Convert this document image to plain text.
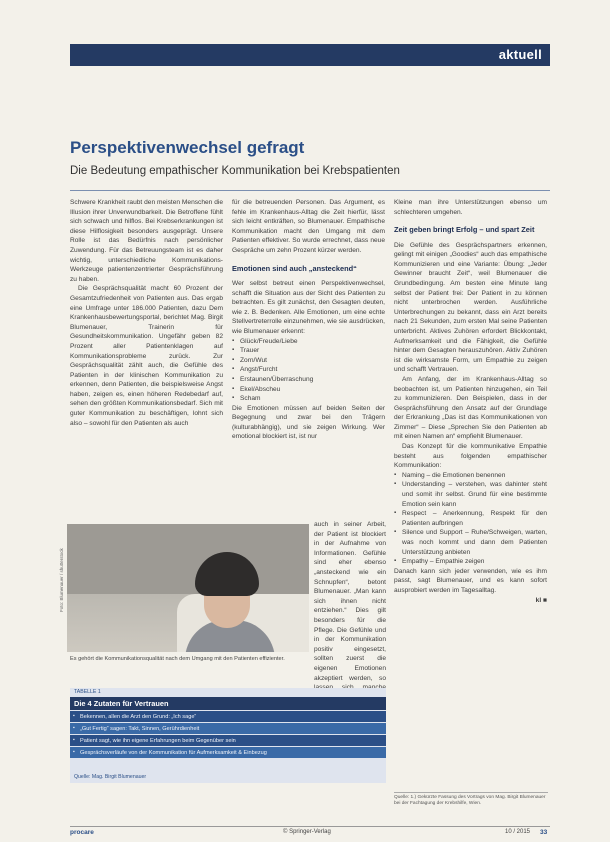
aktuell
Perspektivenwechsel gefragt
Die Bedeutung empathischer Kommunikation bei Krebspatienten

Schwere Krankheit raubt den meisten Menschen die Illusion ihrer Unverwundbarkeit. Die Betroffene fühlt sich schwach und hilflos. Bei Krebserkrankungen ist diese Hilflosigkeit besonders ausgeprägt. Unsere Rolle ist das Bedürfnis nach persönlicher Zuwendung. Für das Betreuungsteam ist es daher wichtig, unterschiedliche Kommunikations-Werkzeuge patientenzentrierter Gesprächsführung zu haben.

Die Gesprächsqualität macht 60 Prozent der Gesamtzufriedenheit von Patienten aus. Das ergab eine Umfrage unter 186.000 Patienten, dazu Dem Krankenhausbewertungsportal, berichtet Mag. Birgit Blumenauer, Trainerin für Gesundheitskommunikation. Ungefähr geben 82 Prozent aller Patientenklagen auf Kommunikationsprobleme zurück. Zur Gesprächsqualität zählt auch, die Gefühle des Patienten in der klinischen Kommunikation zu erkennen, denn Patienten, die beispielsweise Angst haben, zeigen es, einen höheren Redebedarf auf, sehen den größten Kommunikationsbedarf. Sich mit guter Kommunikation zu beschäftigen, lohnt sich also – sowohl für den Patienten als auch

für die betreuenden Personen. Das Argument, es fehle im Krankenhaus-Alltag die Zeit hierfür, lässt sich leicht entkräften, so Blumenauer. Empathische Kommunikation macht den Umgang mit dem Patienten effektiver. So wurde errechnet, dass neue Gespräche um zehn Prozent kürzer werden.

Emotionen sind auch „ansteckend“

Wer selbst betreut einen Perspektivenwechsel, schafft die Situation aus der Sicht des Patienten zu betrachten. Es gilt zunächst, den Gesagten deuten, wie z. B. Bedenken. Alle Emotionen, um eine echte Stellvertreterrolle einzunehmen, wie sie ausdrücken, wie Blumenauer erkennt:

▪ Glück/Freude/Liebe
▪ Trauer
▪ Zorn/Wut
▪ Angst/Furcht
▪ Erstaunen/Überraschung
▪ Ekel/Abscheu
▪ Scham

Die Emotionen müssen auf beiden Seiten der Begegnung und zwar bei den Trägern (kulturabhängig), und sie zeigen Wirkung. Wer emotional blockiert ist, ist nur

auch in seiner Arbeit, der Patient ist blockiert in der Aufnahme von Informationen. Gefühle sind eher ebenso „ansteckend wie ein Schnupfen“, betont Blumenauer. „Man kann sich ihnen nicht entziehen.“ Dies gilt besonders für die Pflege. Die Gefühle und in der Kommunikation positiv eingesetzt, sollten zuerst die eigenen Emotionen akzeptiert werden, so

Kleine man ihre Unterstützungen ebenso um schlechteren umgehen.

Zeit geben bringt Erfolg – und spart Zeit

Die Gefühle des Gesprächspartners erkennen, gelingt mit einigen „Goodies“ auch das empathische Kommunizieren und eine Variante: Übung: „Jeder Gewinner braucht Zeit“, weil Blumenauer die Grundbedingung. Am besten eine Minute lang selbst der Patient frei: Der Patient in zu können nicht unterbrochen werden. Ausführliche Unterbrechungen zu bekannt, dass ein Arzt bereits nach 21 Sekunden, zum ersten Mal seine Patienten unterbricht. Aktives Zuhören erfordert Blickkontakt, Aufmerksamkeit und die Fähigkeit, die Gefühle hinter dem Gesagten herauszuhören. Aktiv Zuhören ist die wirksamste Form, um Empathie zu zeigen und schafft Vertrauen.

Am Anfang, der im Krankenhaus-Alltag so beobachten ist, um Patienten hinzugehen, ein Teil zu kommunizieren. Den Beispielen, dass in der Gesprächsführung den Ansatz auf der Grundlage der Erkrankung „Das ist das Kommunikationen von Zimmer“ – Diese „Sprechen Sie den Patienten ab mit einen Namen an“ empfiehlt Blumenauer.

Das Konzept für die kommunikative Empathie besteht aus folgenden empathischer Kommunikation:

▪ Naming – die Emotionen benennen
▪ Understanding – verstehen, was dahinter steht und somit ihr selbst. Grund für eine bestimmte Emotion sein kann
▪ Respect – Anerkennung, Respekt für den Patienten aufbringen
▪ Silence und Support – Ruhe/Schweigen, warten, was noch kommt und dann dem Patienten Unterstützung anbieten
▪ Empathy – Empathie zeigen

Danach kann sich jeder verwenden, wie es ihm passt, sagt Blumenauer, und es kann sofort ausprobiert werden im Tagesalltag.

kl ■

Foto: Blumenauer / shutterstock
Es gehört die Kommunikationsqualität nach dem Umgang mit den Patienten effizienter.
TABELLE 1
Die 4 Zutaten für Vertrauen
▪ Bekennen, allen die Arzt den Grund: „Ich sage“
▪ „Gut Fertig“ sagen: Takt, Sinnen, Gerührdienheit
▪ Patient sagt, wie ihn eigene Erfahrungen beim Gegenüber sein
▪ Gesprächsverläufe von der Kommunikation für Aufmerksamkeit & Einbezug
Quelle: Mag. Birgit Blumenauer
Quelle: 1.) Gekürzte Fassung des Vortrags von Mag. Birgit Blumenauer bei der Fachtagung der Krebshilfe, Wien.
procare	© Springer-Verlag	10 / 2015 33
